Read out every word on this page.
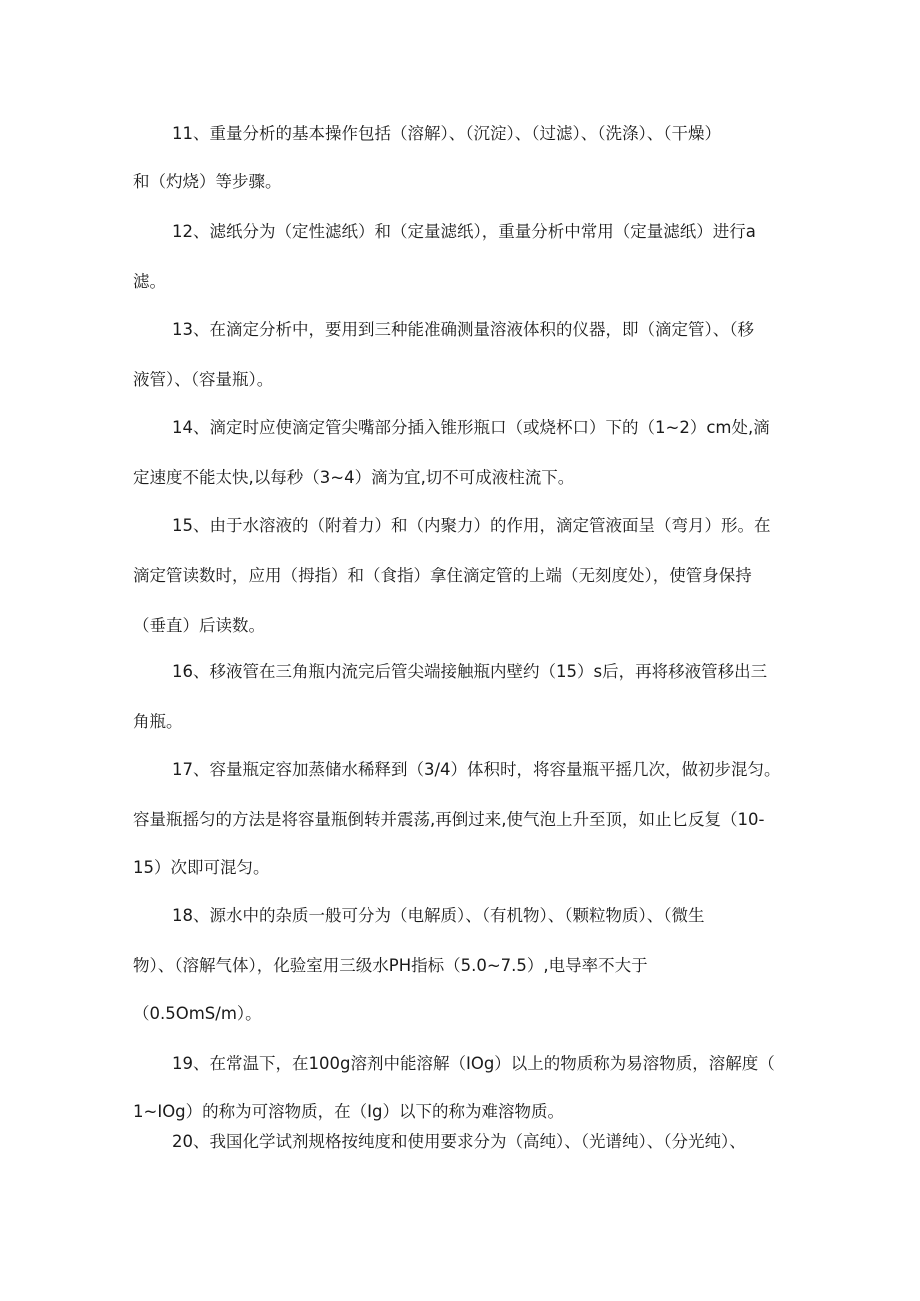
11、重量分析的基本操作包括（溶解）、（沉淀）、（过滤）、（洗涤）、（干燥）
和（灼烧）等步骤。
12、滤纸分为（定性滤纸）和（定量滤纸），重量分析中常用（定量滤纸）进行a
滤。
13、在滴定分析中，要用到三种能准确测量溶液体积的仪器，即（滴定管）、（移
液管）、（容量瓶）。
14、滴定时应使滴定管尖嘴部分插入锥形瓶口（或烧杯口）下的（1~2）cm处,滴
定速度不能太快,以每秒（3~4）滴为宜,切不可成液柱流下。
15、由于水溶液的（附着力）和（内聚力）的作用，滴定管液面呈（弯月）形。在
滴定管读数时，应用（拇指）和（食指）拿住滴定管的上端（无刻度处），使管身保持
（垂直）后读数。
16、移液管在三角瓶内流完后管尖端接触瓶内壁约（15）s后，再将移液管移出三
角瓶。
17、容量瓶定容加蒸储水稀释到（3/4）体积时，将容量瓶平摇几次，做初步混匀。
容量瓶摇匀的方法是将容量瓶倒转并震荡,再倒过来,使气泡上升至顶，如止匕反复（10-
15）次即可混匀。
18、源水中的杂质一般可分为（电解质）、（有机物）、（颗粒物质）、（微生
物）、（溶解气体），化验室用三级水PH指标（5.0~7.5）,电导率不大于
（0.5OmS/m）。
19、在常温下，在100g溶剂中能溶解（IOg）以上的物质称为易溶物质，溶解度（
1~IOg）的称为可溶物质，在（Ig）以下的称为难溶物质。
20、我国化学试剂规格按纯度和使用要求分为（高纯）、（光谱纯）、（分光纯）、
